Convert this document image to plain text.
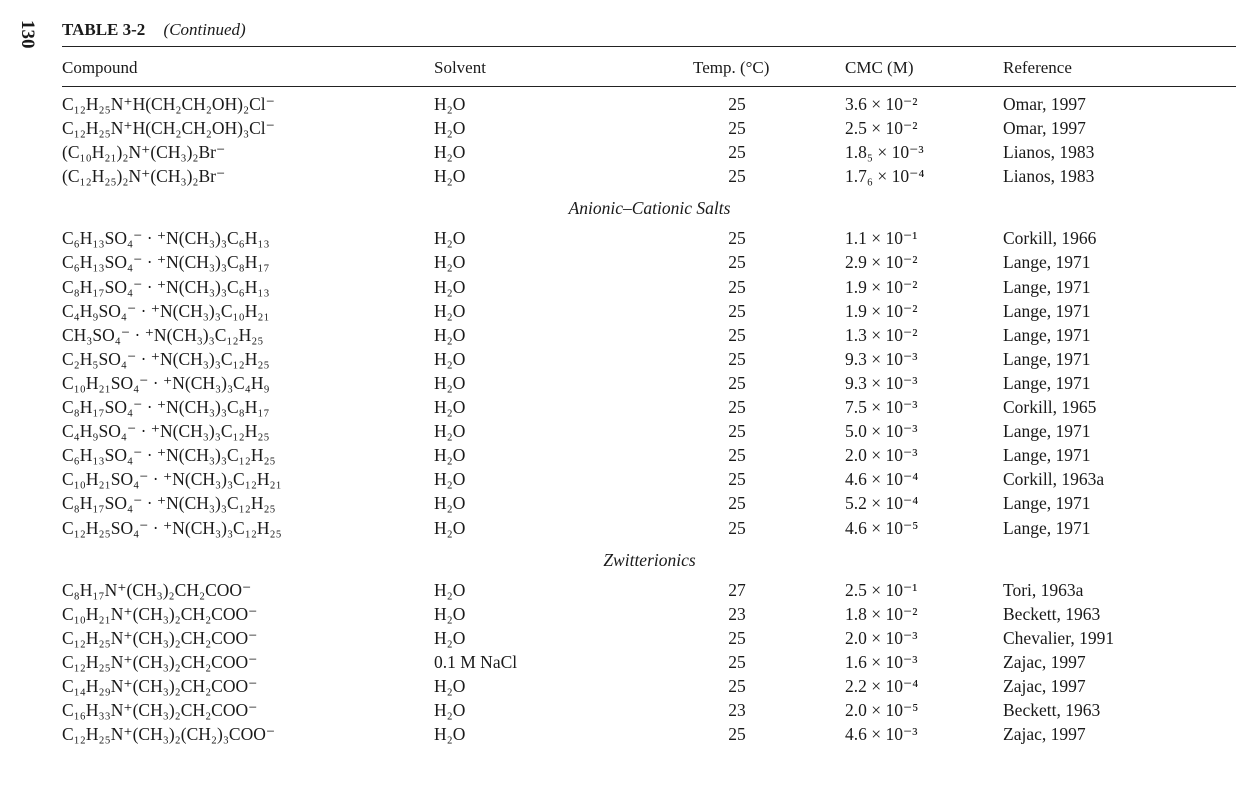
130 TABLE 3-2 (Continued)
Compound	Solvent	Temp. (°C)	CMC (M)	Reference
C₁₂H₂₅N⁺H(CH₂CH₂OH)₂Cl⁻	H₂O	25	3.6 × 10⁻²	Omar, 1997
C₁₂H₂₅N⁺H(CH₂CH₂OH)₃Cl⁻	H₂O	25	2.5 × 10⁻²	Omar, 1997
(C₁₀H₂₁)₂N⁺(CH₃)₂Br⁻	H₂O	25	1.8₅ × 10⁻³	Lianos, 1983
(C₁₂H₂₅)₂N⁺(CH₃)₂Br⁻	H₂O	25	1.7₆ × 10⁻⁴	Lianos, 1983
Anionic–Cationic Salts
C₆H₁₃SO₄⁻ · ⁺N(CH₃)₃C₆H₁₃	H₂O	25	1.1 × 10⁻¹	Corkill, 1966
C₆H₁₃SO₄⁻ · ⁺N(CH₃)₃C₈H₁₇	H₂O	25	2.9 × 10⁻²	Lange, 1971
C₈H₁₇SO₄⁻ · ⁺N(CH₃)₃C₆H₁₃	H₂O	25	1.9 × 10⁻²	Lange, 1971
C₄H₉SO₄⁻ · ⁺N(CH₃)₃C₁₀H₂₁	H₂O	25	1.9 × 10⁻²	Lange, 1971
CH₃SO₄⁻ · ⁺N(CH₃)₃C₁₂H₂₅	H₂O	25	1.3 × 10⁻²	Lange, 1971
C₂H₅SO₄⁻ · ⁺N(CH₃)₃C₁₂H₂₅	H₂O	25	9.3 × 10⁻³	Lange, 1971
C₁₀H₂₁SO₄⁻ · ⁺N(CH₃)₃C₄H₉	H₂O	25	9.3 × 10⁻³	Lange, 1971
C₈H₁₇SO₄⁻ · ⁺N(CH₃)₃C₈H₁₇	H₂O	25	7.5 × 10⁻³	Corkill, 1965
C₄H₉SO₄⁻ · ⁺N(CH₃)₃C₁₂H₂₅	H₂O	25	5.0 × 10⁻³	Lange, 1971
C₆H₁₃SO₄⁻ · ⁺N(CH₃)₃C₁₂H₂₅	H₂O	25	2.0 × 10⁻³	Lange, 1971
C₁₀H₂₁SO₄⁻ · ⁺N(CH₃)₃C₁₂H₂₁	H₂O	25	4.6 × 10⁻⁴	Corkill, 1963a
C₈H₁₇SO₄⁻ · ⁺N(CH₃)₃C₁₂H₂₅	H₂O	25	5.2 × 10⁻⁴	Lange, 1971
C₁₂H₂₅SO₄⁻ · ⁺N(CH₃)₃C₁₂H₂₅	H₂O	25	4.6 × 10⁻⁵	Lange, 1971
Zwitterionics
C₈H₁₇N⁺(CH₃)₂CH₂COO⁻	H₂O	27	2.5 × 10⁻¹	Tori, 1963a
C₁₀H₂₁N⁺(CH₃)₂CH₂COO⁻	H₂O	23	1.8 × 10⁻²	Beckett, 1963
C₁₂H₂₅N⁺(CH₃)₂CH₂COO⁻	H₂O	25	2.0 × 10⁻³	Chevalier, 1991
C₁₂H₂₅N⁺(CH₃)₂CH₂COO⁻	0.1 M NaCl	25	1.6 × 10⁻³	Zajac, 1997
C₁₄H₂₉N⁺(CH₃)₂CH₂COO⁻	H₂O	25	2.2 × 10⁻⁴	Zajac, 1997
C₁₆H₃₃N⁺(CH₃)₂CH₂COO⁻	H₂O	23	2.0 × 10⁻⁵	Beckett, 1963
C₁₂H₂₅N⁺(CH₃)₂(CH₂)₃COO⁻	H₂O	25	4.6 × 10⁻³	Zajac, 1997
